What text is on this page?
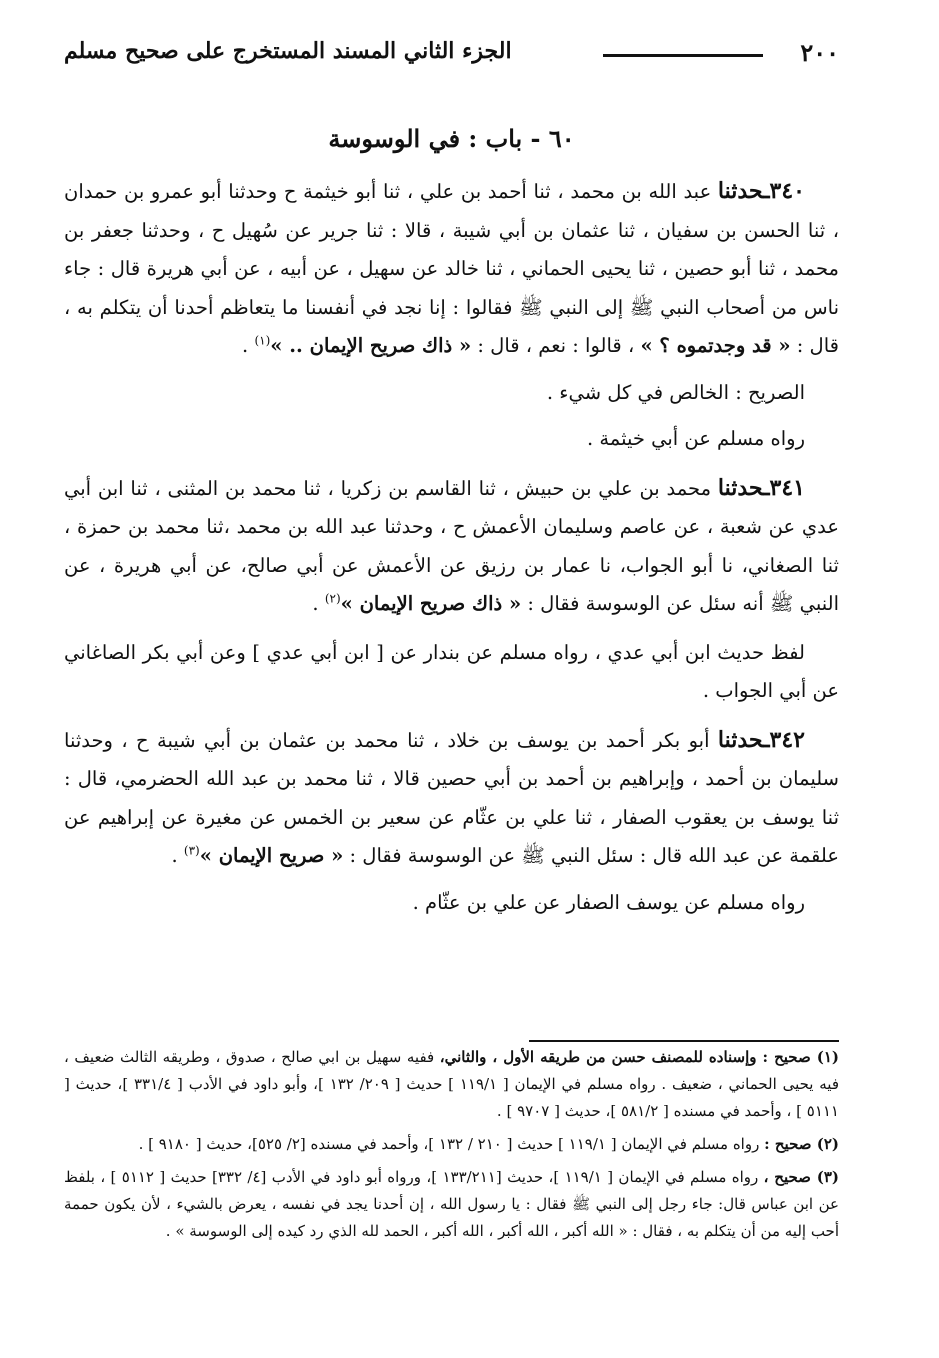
٢٠٠
الجزء الثاني المسند المستخرج على صحيح مسلم
٦٠ - باب : في الوسوسة

٣٤٠ـحدثنا عبد الله بن محمد ، ثنا أحمد بن علي ، ثنا أبو خيثمة ح وحدثنا أبو عمرو بن حمدان ، ثنا الحسن بن سفيان ، ثنا عثمان بن أبي شيبة ، قالا : ثنا جرير عن سُهيل ح ، وحدثنا جعفر بن محمد ، ثنا أبو حصين ، ثنا يحيى الحماني ، ثنا خالد عن سهيل ، عن أبيه ، عن أبي هريرة قال : جاء ناس من أصحاب النبي ﷺ إلى النبي ﷺ فقالوا : إنا نجد في أنفسنا ما يتعاظم أحدنا أن يتكلم به ، قال : « قد وجدتموه ؟ » ، قالوا : نعم ، قال : « ذاك صريح الإيمان .. »$^{(١)}$ .

الصريح : الخالص في كل شيء .

رواه مسلم عن أبي خيثمة .

٣٤١ـحدثنا محمد بن علي بن حبيش ، ثنا القاسم بن زكريا ، ثنا محمد بن المثنى ، ثنا ابن أبي عدي عن شعبة ، عن عاصم وسليمان الأعمش ح ، وحدثنا عبد الله بن محمد ،ثنا محمد بن حمزة ، ثنا الصغاني، نا أبو الجواب، نا عمار بن رزيق عن الأعمش عن أبي صالح، عن أبي هريرة ، عن النبي ﷺ أنه سئل عن الوسوسة فقال : « ذاك صريح الإيمان »$^{(٢)}$ .

لفظ حديث ابن أبي عدي ، رواه مسلم عن بندار عن [ ابن أبي عدي ] وعن أبي بكر الصاغاني عن أبي الجواب .

٣٤٢ـحدثنا أبو بكر أحمد بن يوسف بن خلاد ، ثنا محمد بن عثمان بن أبي شيبة ح ، وحدثنا سليمان بن أحمد ، وإبراهيم بن أحمد بن أبي حصين قالا ، ثنا محمد بن عبد الله الحضرمي، قال : ثنا يوسف بن يعقوب الصفار ، ثنا علي بن عثّام عن سعير بن الخمس عن مغيرة عن إبراهيم عن علقمة عن عبد الله قال : سئل النبي ﷺ عن الوسوسة فقال : « صريح الإيمان »$^{(٣)}$ .

رواه مسلم عن يوسف الصفار عن علي بن عثّام .

(١) صحيح : وإسناده للمصنف حسن من طريقه الأول ، والثاني، ففيه سهيل بن ابي صالح ، صدوق ، وطريقه الثالث ضعيف ، فيه يحيى الحماني ، ضعيف . رواه مسلم في الإيمان [ ١١٩/١ ] حديث [ ٢٠٩/ ١٣٢ ]، وأبو داود في الأدب [ ٣٣١/٤ ]، حديث [ ٥١١١ ] ، وأحمد في مسنده [ ٥٨١/٢ ]، حديث [ ٩٧٠٧ ] .
(٢) صحيح : رواه مسلم في الإيمان [ ١١٩/١ ] حديث [ ٢١٠ / ١٣٢ ]، وأحمد في مسنده [٢/ ٥٢٥]، حديث [ ٩١٨٠ ] .
(٣) صحيح ، رواه مسلم في الإيمان [ ١١٩/١ ]، حديث [١٣٣/٢١١ ]، ورواه أبو داود في الأدب [٤/ ٣٣٢] حديث [ ٥١١٢ ] ، بلفظ عن ابن عباس قال: جاء رجل إلى النبي ﷺ فقال : يا رسول الله ، إن أحدنا يجد في نفسه ، يعرض بالشيء ، لأن يكون حممة أحب إليه من أن يتكلم به ، فقال : « الله أكبر ، الله أكبر ، الله أكبر ، الحمد لله الذي رد كيده إلى الوسوسة » .
